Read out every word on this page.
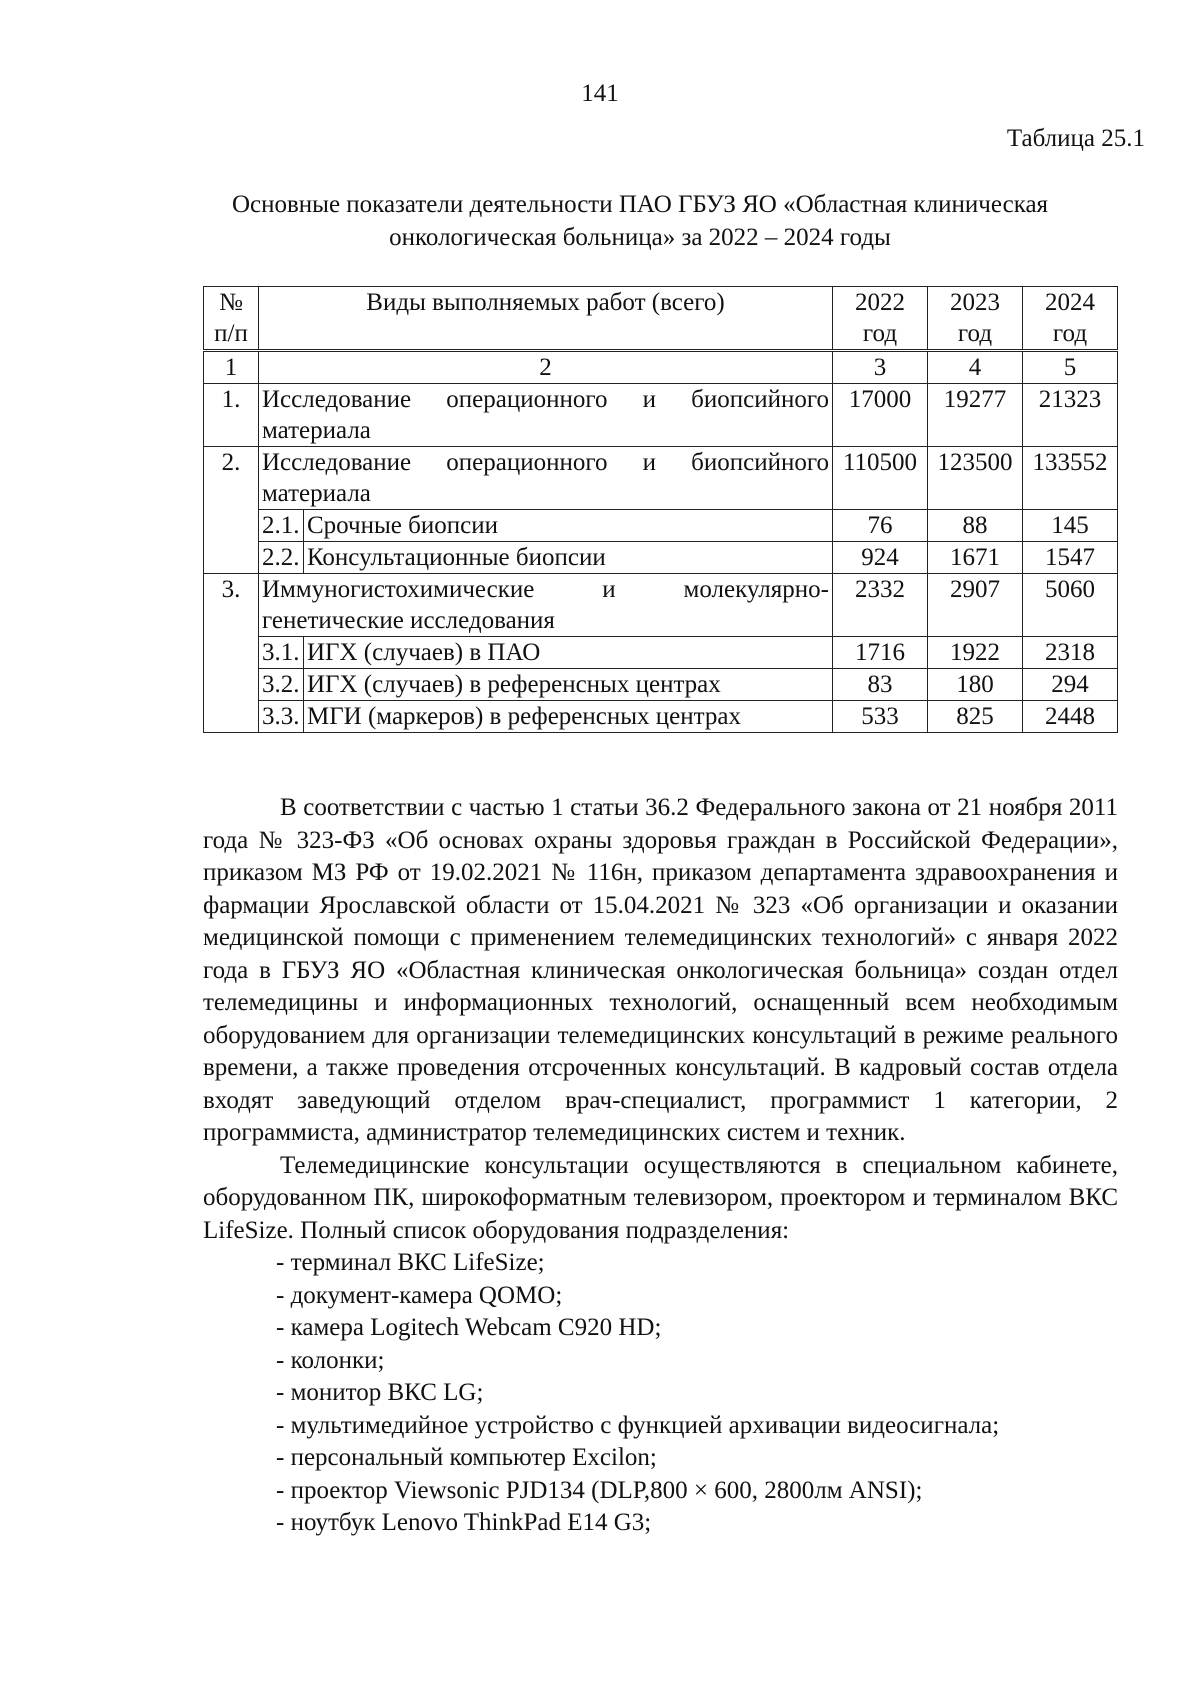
141
Таблица 25.1
Основные показатели деятельности ПАО ГБУЗ ЯО «Областная клиническая
онкологическая больница» за 2022 – 2024 годы
№ п/п	Виды выполняемых работ (всего)		2022 год	2023 год	2024 год
1	2		3	4	5
1.	Исследование операционного и биопсийного материала		17000	19277	21323
2.	Исследование операционного и биопсийного материала		110500	123500	133552
	2.1.	Срочные биопсии	76	88	145
	2.2.	Консультационные биопсии	924	1671	1547
3.	Иммуногистохимические и молекулярно-генетические исследования		2332	2907	5060
	3.1.	ИГХ (случаев) в ПАО	1716	1922	2318
	3.2.	ИГХ (случаев) в референсных центрах	83	180	294
	3.3.	МГИ (маркеров) в референсных центрах	533	825	2448

В соответствии с частью 1 статьи 36.2 Федерального закона от 21 ноября 2011 года № 323-ФЗ «Об основах охраны здоровья граждан в Российской Федерации», приказом МЗ РФ от 19.02.2021 № 116н, приказом департамента здравоохранения и фармации Ярославской области от 15.04.2021 № 323 «Об организации и оказании медицинской помощи с применением телемедицинских технологий» с января 2022 года в ГБУЗ ЯО «Областная клиническая онкологическая больница» создан отдел телемедицины и информационных технологий, оснащенный всем необходимым оборудованием для организации телемедицинских консультаций в режиме реального времени, а также проведения отсроченных консультаций. В кадровый состав отдела входят заведующий отделом врач-специалист, программист 1 категории, 2 программиста, администратор телемедицинских систем и техник.

Телемедицинские консультации осуществляются в специальном кабинете, оборудованном ПК, широкоформатным телевизором, проектором и терминалом ВКС LifeSize. Полный список оборудования подразделения:

- терминал ВКС LifeSize;
- документ-камера QOMO;
- камера Logitech Webcam C920 HD;
- колонки;
- монитор ВКС LG;
- мультимедийное устройство с функцией архивации видеосигнала;
- персональный компьютер Excilon;
- проектор Viewsonic PJD134 (DLP,800 × 600, 2800лм ANSI);
- ноутбук Lenovo ThinkPad E14 G3;
